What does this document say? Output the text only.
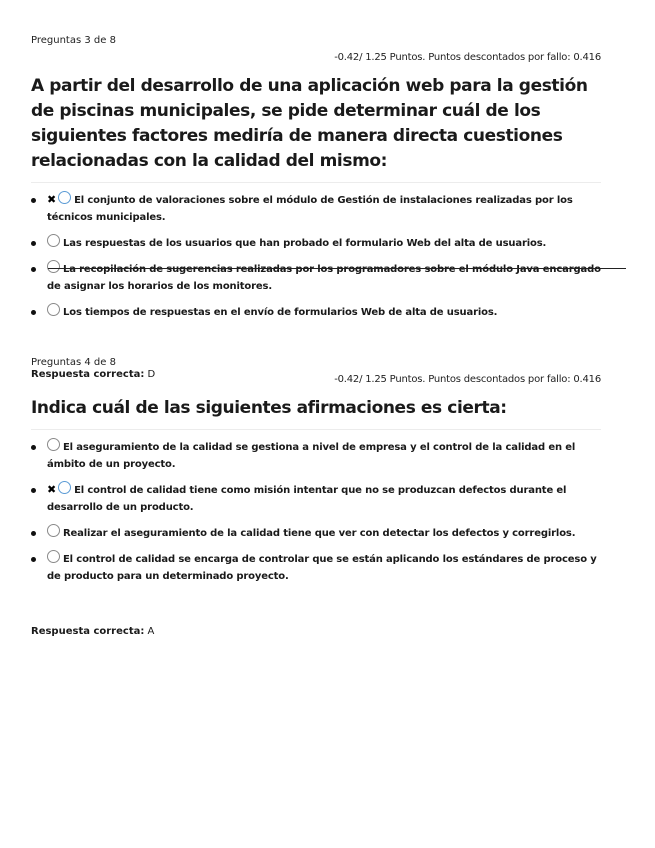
Preguntas 3 de 8
-0.42/ 1.25 Puntos. Puntos descontados por fallo: 0.416
A partir del desarrollo de una aplicación web para la gestión de piscinas municipales, se pide determinar cuál de los siguientes factores mediría de manera directa cuestiones relacionadas con la calidad del mismo:
✖ El conjunto de valoraciones sobre el módulo de Gestión de instalaciones realizadas por los técnicos municipales.
Las respuestas de los usuarios que han probado el formulario Web del alta de usuarios.
La recopilación de sugerencias realizadas por los programadores sobre el módulo Java encargado de asignar los horarios de los monitores.
Los tiempos de respuestas en el envío de formularios Web de alta de usuarios.
Respuesta correcta: D
Preguntas 4 de 8
-0.42/ 1.25 Puntos. Puntos descontados por fallo: 0.416
Indica cuál de las siguientes afirmaciones es cierta:
El aseguramiento de la calidad se gestiona a nivel de empresa y el control de la calidad en el ámbito de un proyecto.
✖ El control de calidad tiene como misión intentar que no se produzcan defectos durante el desarrollo de un producto.
Realizar el aseguramiento de la calidad tiene que ver con detectar los defectos y corregirlos.
El control de calidad se encarga de controlar que se están aplicando los estándares de proceso y de producto para un determinado proyecto.
Respuesta correcta: A
